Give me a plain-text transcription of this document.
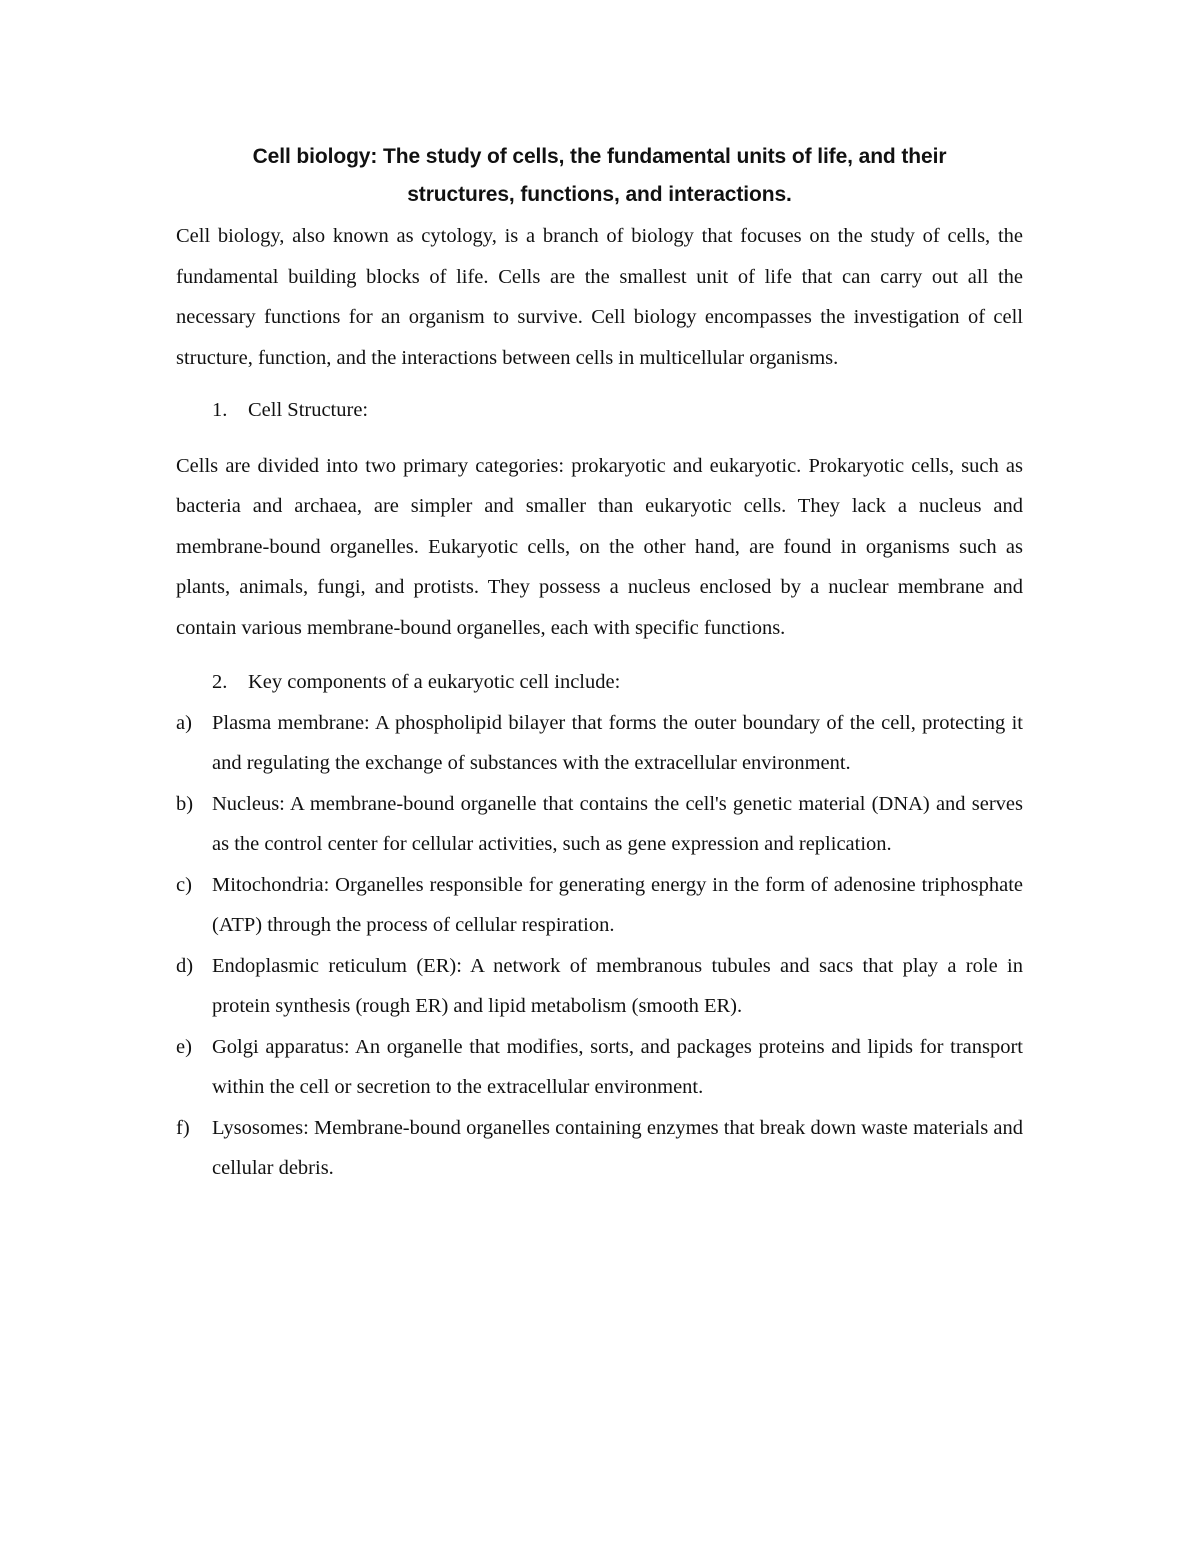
Cell biology: The study of cells, the fundamental units of life, and their
structures, functions, and interactions.

Cell biology, also known as cytology, is a branch of biology that focuses on the study of cells, the fundamental building blocks of life. Cells are the smallest unit of life that can carry out all the necessary functions for an organism to survive. Cell biology encompasses the investigation of cell structure, function, and the interactions between cells in multicellular organisms.

1.	Cell Structure:

Cells are divided into two primary categories: prokaryotic and eukaryotic. Prokaryotic cells, such as bacteria and archaea, are simpler and smaller than eukaryotic cells. They lack a nucleus and membrane-bound organelles. Eukaryotic cells, on the other hand, are found in organisms such as plants, animals, fungi, and protists. They possess a nucleus enclosed by a nuclear membrane and contain various membrane-bound organelles, each with specific functions.

2.	Key components of a eukaryotic cell include:
a) Plasma membrane: A phospholipid bilayer that forms the outer boundary of the cell, protecting it and regulating the exchange of substances with the extracellular environment.
b) Nucleus: A membrane-bound organelle that contains the cell's genetic material (DNA) and serves as the control center for cellular activities, such as gene expression and replication.
c) Mitochondria: Organelles responsible for generating energy in the form of adenosine triphosphate (ATP) through the process of cellular respiration.
d) Endoplasmic reticulum (ER): A network of membranous tubules and sacs that play a role in protein synthesis (rough ER) and lipid metabolism (smooth ER).
e) Golgi apparatus: An organelle that modifies, sorts, and packages proteins and lipids for transport within the cell or secretion to the extracellular environment.
f)	Lysosomes: Membrane-bound organelles containing enzymes that break down waste materials and cellular debris.
